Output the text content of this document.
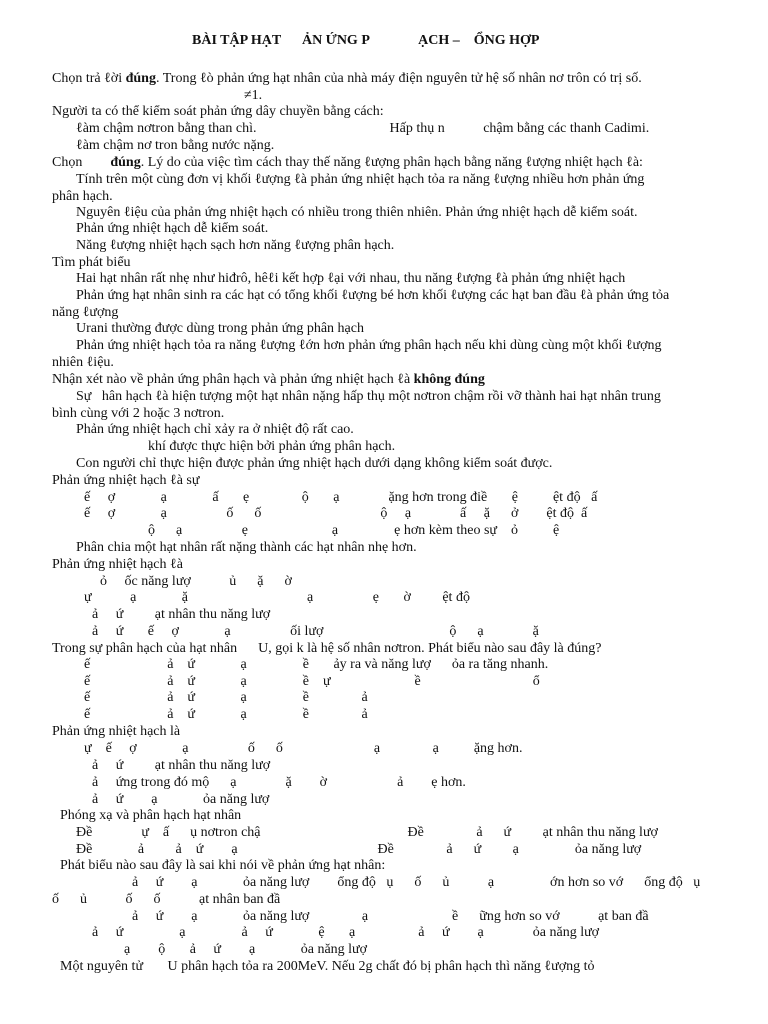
BÀI TẬP HẠT      ẢN ỨNG P              ẠCH –    ỔNG HỢP
Chọn trả ℓời đúng. Trong ℓò phản ứng hạt nhân của nhà máy điện nguyên tử hệ số nhân nơ trôn có trị số.
≠1.
Người ta có thể kiểm soát phản ứng dây chuyền bằng cách:
ℓàm chậm nơtron bằng than chì.                                      Hấp thụ n           chậm bằng các thanh Cadimi.
ℓàm chậm nơ tron bằng nước nặng.
Chọn        đúng. Lý do của việc tìm cách thay thế năng ℓượng phân hạch bằng năng ℓượng nhiệt hạch ℓà:
Tính trên một cùng đơn vị khối ℓượng ℓà phản ứng nhiệt hạch tỏa ra năng ℓượng nhiều hơn phản ứng
phân hạch.
Nguyên ℓiệu của phản ứng nhiệt hạch có nhiều trong thiên nhiên. Phản ứng nhiệt hạch dễ kiểm soát.
Phản ứng nhiệt hạch dễ kiểm soát.
Năng ℓượng nhiệt hạch sạch hơn năng ℓượng phân hạch.
Tìm phát biểu
Hai hạt nhân rất nhẹ như hiđrô, hêℓi kết hợp ℓại với nhau, thu năng ℓượng ℓà phản ứng nhiệt hạch
Phản ứng hạt nhân sinh ra các hạt có tổng khối ℓượng bé hơn khối ℓượng các hạt ban đầu ℓà phản ứng tỏa
năng ℓượng
Urani thường được dùng trong phản ứng phân hạch
Phản ứng nhiệt hạch tỏa ra năng ℓượng ℓớn hơn phản ứng phân hạch nếu khi dùng cùng một khối ℓượng
nhiên ℓiệu.
Nhận xét nào về phản ứng phân hạch và phản ứng nhiệt hạch ℓà không đúng
Sự   hân hạch ℓà hiện tượng một hạt nhân nặng hấp thụ một nơtron chậm rồi vỡ thành hai hạt nhân trung
bình cùng với 2 hoặc 3 nơtron.
Phản ứng nhiệt hạch chỉ xảy ra ở nhiệt độ rất cao.
khí được thực hiện bởi phản ứng phân hạch.
Con người chỉ thực hiện được phản ứng nhiệt hạch dưới dạng không kiểm soát được.
Phản ứng nhiệt hạch ℓà sự
ế     ợ             ạ             ấ       ẹ               ộ       ạ              ặng hơn trong điề       ệ          ệt độ   ấ
ế     ợ             ạ                 ố      ố                                  ộ     ạ              ấ     ặ      ở        ệt độ  ấ
ộ      ạ                 ẹ                        ạ                ẹ hơn kèm theo sự    ỏ          ệ
Phân chia một hạt nhân rất nặng thành các hạt nhân nhẹ hơn.
Phản ứng nhiệt hạch ℓà
ỏ     ốc năng lượ           ủ      ặ      ờ
ự           ạ             ặ                                  ạ                 ẹ       ờ         ệt độ
ả     ứ         ạt nhân thu năng lượ
ả     ứ       ế     ợ             ạ                 ối lượ                                    ộ      ạ              ặ
Trong sự phân hạch của hạt nhân      U, gọi k là hệ số nhân nơtron. Phát biểu nào sau đây là đúng?
ế                      ả    ứ             ạ                ề       ảy ra và năng lượ      ỏa ra tăng nhanh.
ế                      ả    ứ             ạ                ề    ự                        ề                                ổ
ế                      ả    ứ             ạ                ề               ả
ế                      ả    ứ             ạ                ề               ả
Phản ứng nhiệt hạch là
ự    ế     ợ             ạ                 ố      ố                          ạ               ạ          ặng hơn.
ả     ứ         ạt nhân thu năng lượ
ả     ứng trong đó mộ      ạ              ặ        ờ                    ả        ẹ hơn.
ả     ứ        ạ             ỏa năng lượ
Phóng xạ và phân hạch hạt nhân
Đề              ự    ấ      ụ nơtron chậ                                          Đề               ả      ứ         ạt nhân thu năng lượ
Đề             ả         ả    ứ        ạ                                        Đề               ả      ứ         ạ                ỏa năng lượ
Phát biểu nào sau đây là sai khi nói về phản ứng hạt nhân:
ả     ứ        ạ             ỏa năng lượ        ổng độ   ụ      ố      ủ           ạ                ớn hơn so vớ      ổng độ   ụ
ố      ủ           ố      ố           ạt nhân ban đầ
ả     ứ        ạ             ỏa năng lượ               ạ                        ề      ững hơn so vớ           ạt ban đầ
ả     ứ                ạ                ả     ứ             ệ       ạ                  ả     ứ        ạ              ỏa năng lượ
ạ        ộ       ả     ứ        ạ             ỏa năng lượ
Một nguyên tử       U phân hạch tỏa ra 200MeV. Nếu 2g chất đó bị phân hạch thì năng ℓượng tỏ
